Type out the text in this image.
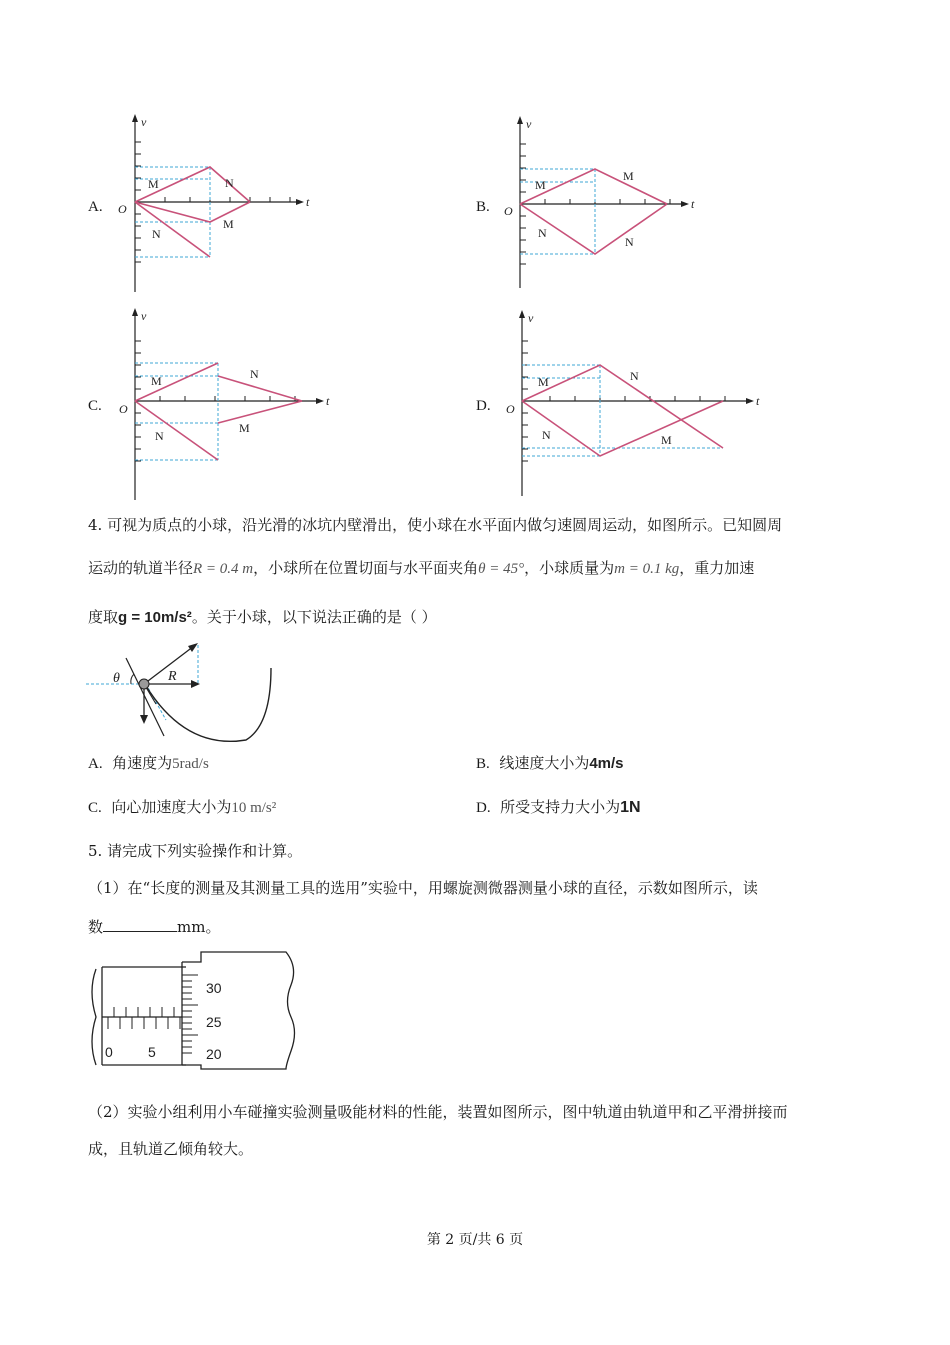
A.
v
t
O
M	N
N
M
B.
v
t
O
M
M
N
N
C.
v
t
O
M	N
N
M
D.
v
t
O
M	N
N	M
4. 可视为质点的小球，沿光滑的冰坑内壁滑出，使小球在水平面内做匀速圆周运动，如图所示。已知圆周
运动的轨道半径R = 0.4 m，小球所在位置切面与水平面夹角θ = 45°，小球质量为m = 0.1 kg，重力加速
度取g = 10m/s²。关于小球，以下说法正确的是（ ）
θ	R
A. 角速度为5rad/s	B. 线速度大小为4m/s
C. 向心加速度大小为10 m/s²	D. 所受支持力大小为1N
5. 请完成下列实验操作和计算。
（1）在“长度的测量及其测量工具的选用”实验中，用螺旋测微器测量小球的直径，示数如图所示，读
数	mm。
0	5
30
25
20
（2）实验小组利用小车碰撞实验测量吸能材料的性能，装置如图所示，图中轨道由轨道甲和乙平滑拼接而
成，且轨道乙倾角较大。
第 2 页/共 6 页
